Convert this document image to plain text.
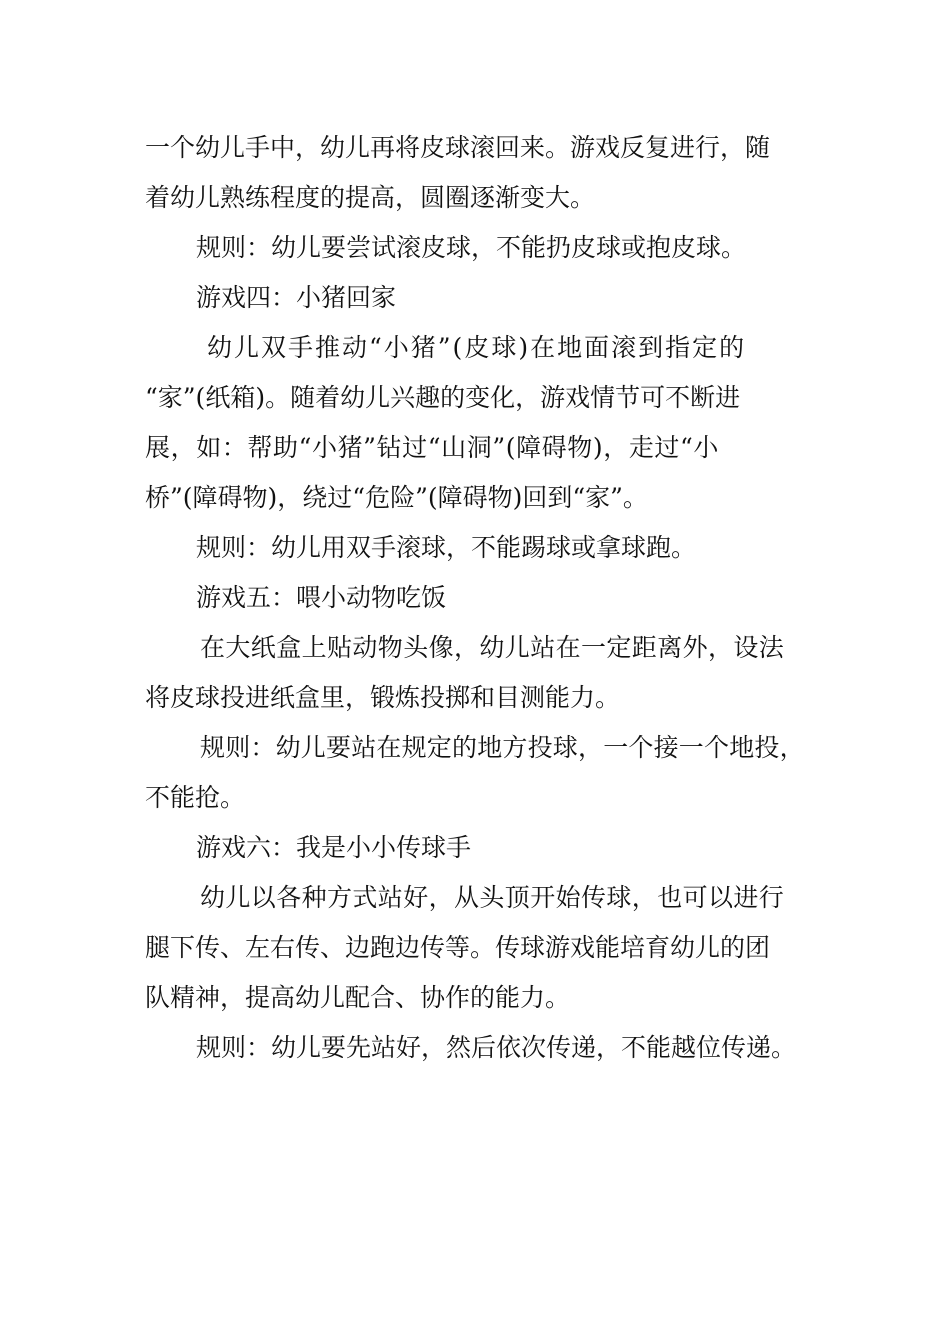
一个幼儿手中，幼儿再将皮球滚回来。游戏反复进行，随
着幼儿熟练程度的提高，圆圈逐渐变大。
规则：幼儿要尝试滚皮球，不能扔皮球或抱皮球。
游戏四：小猪回家
幼儿双手推动“小猪”(皮球)在地面滚到指定的
“家”(纸箱)。随着幼儿兴趣的变化，游戏情节可不断进
展，如：帮助“小猪”钻过“山洞”(障碍物)，走过“小
桥”(障碍物)，绕过“危险”(障碍物)回到“家”。
规则：幼儿用双手滚球，不能踢球或拿球跑。
游戏五：喂小动物吃饭
在大纸盒上贴动物头像，幼儿站在一定距离外，设法
将皮球投进纸盒里，锻炼投掷和目测能力。
规则：幼儿要站在规定的地方投球，一个接一个地投，
不能抢。
游戏六：我是小小传球手
幼儿以各种方式站好，从头顶开始传球，也可以进行
腿下传、左右传、边跑边传等。传球游戏能培育幼儿的团
队精神，提高幼儿配合、协作的能力。
规则：幼儿要先站好，然后依次传递，不能越位传递。
